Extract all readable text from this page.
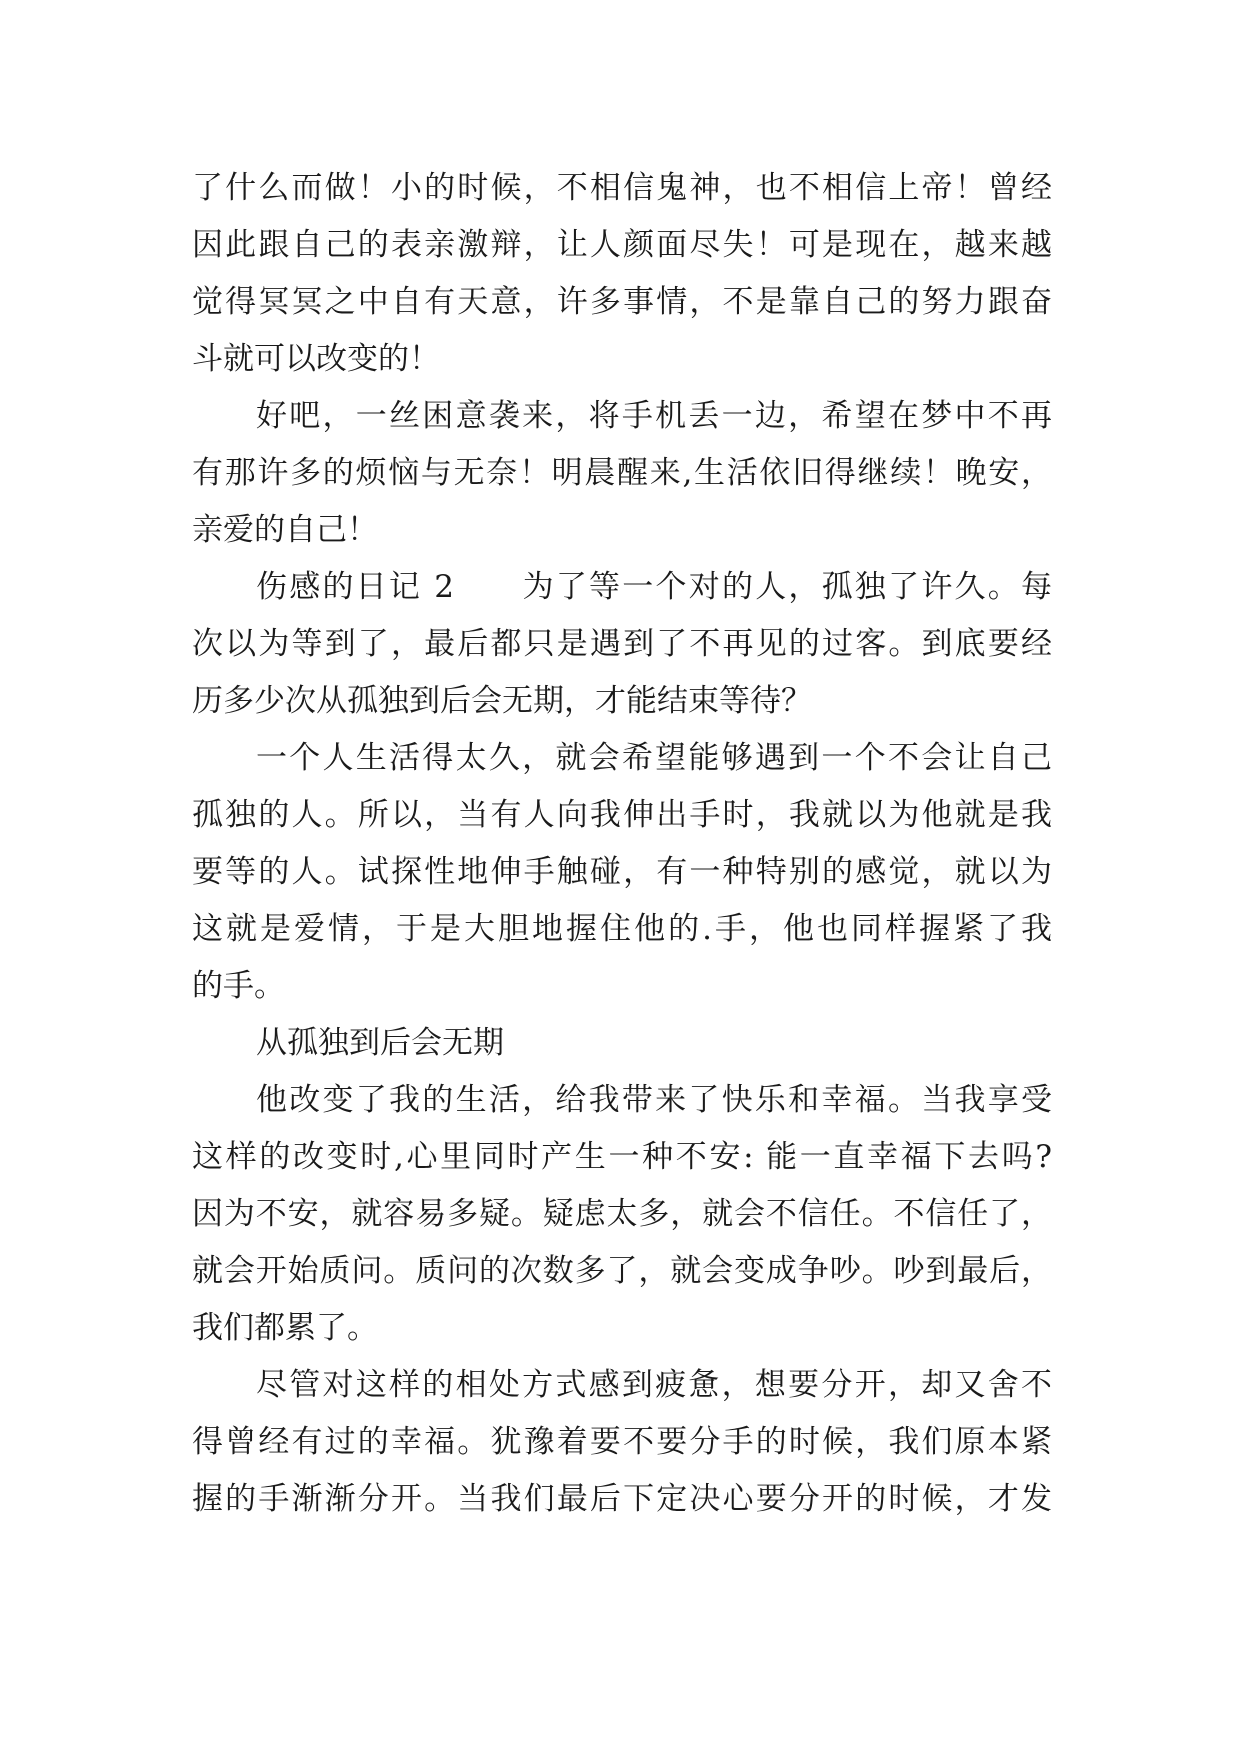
了什么而做！小的时候，不相信鬼神，也不相信上帝！曾经
因此跟自己的表亲激辩，让人颜面尽失！可是现在，越来越
觉得冥冥之中自有天意，许多事情，不是靠自己的努力跟奋
斗就可以改变的！
好吧，一丝困意袭来，将手机丢一边，希望在梦中不再
有那许多的烦恼与无奈！明晨醒来,生活依旧得继续！晚安，
亲爱的自己！
伤感的日记 2　　为了等一个对的人，孤独了许久。每
次以为等到了，最后都只是遇到了不再见的过客。到底要经
历多少次从孤独到后会无期，才能结束等待？
一个人生活得太久，就会希望能够遇到一个不会让自己
孤独的人。所以，当有人向我伸出手时，我就以为他就是我
要等的人。试探性地伸手触碰，有一种特别的感觉，就以为
这就是爱情，于是大胆地握住他的.手，他也同样握紧了我
的手。
从孤独到后会无期
他改变了我的生活，给我带来了快乐和幸福。当我享受
这样的改变时,心里同时产生一种不安: 能一直幸福下去吗?
因为不安，就容易多疑。疑虑太多，就会不信任。不信任了，
就会开始质问。质问的次数多了，就会变成争吵。吵到最后，
我们都累了。
尽管对这样的相处方式感到疲惫，想要分开，却又舍不
得曾经有过的幸福。犹豫着要不要分手的时候，我们原本紧
握的手渐渐分开。当我们最后下定决心要分开的时候，才发
